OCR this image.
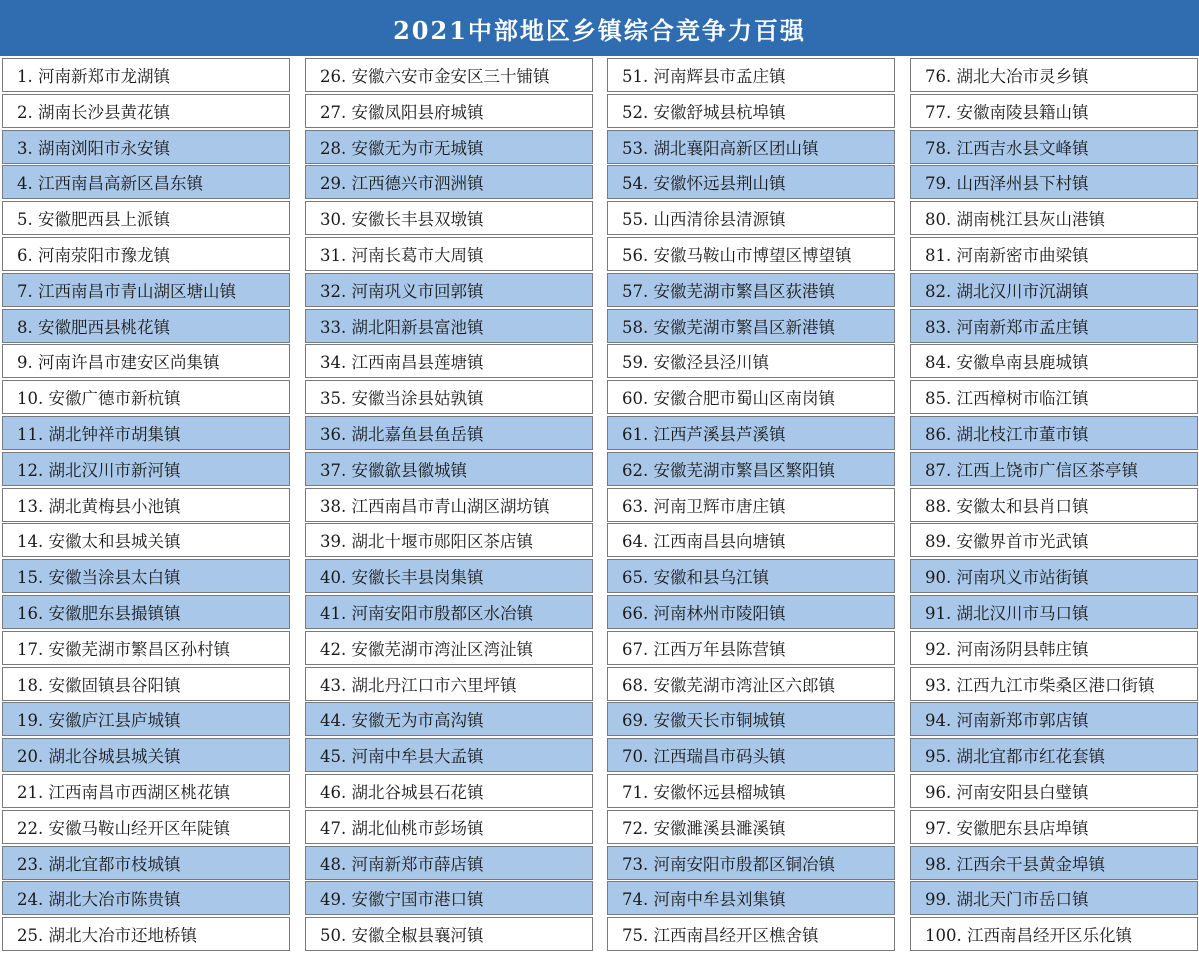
2021中部地区乡镇综合竞争力百强
1. 河南新郑市龙湖镇
2. 湖南长沙县黄花镇
3. 湖南浏阳市永安镇
4. 江西南昌高新区昌东镇
5. 安徽肥西县上派镇
6. 河南荥阳市豫龙镇
7. 江西南昌市青山湖区塘山镇
8. 安徽肥西县桃花镇
9. 河南许昌市建安区尚集镇
10. 安徽广德市新杭镇
11. 湖北钟祥市胡集镇
12. 湖北汉川市新河镇
13. 湖北黄梅县小池镇
14. 安徽太和县城关镇
15. 安徽当涂县太白镇
16. 安徽肥东县撮镇镇
17. 安徽芜湖市繁昌区孙村镇
18. 安徽固镇县谷阳镇
19. 安徽庐江县庐城镇
20. 湖北谷城县城关镇
21. 江西南昌市西湖区桃花镇
22. 安徽马鞍山经开区年陡镇
23. 湖北宜都市枝城镇
24. 湖北大冶市陈贵镇
25. 湖北大冶市还地桥镇
26. 安徽六安市金安区三十铺镇
27. 安徽凤阳县府城镇
28. 安徽无为市无城镇
29. 江西德兴市泗洲镇
30. 安徽长丰县双墩镇
31. 河南长葛市大周镇
32. 河南巩义市回郭镇
33. 湖北阳新县富池镇
34. 江西南昌县莲塘镇
35. 安徽当涂县姑孰镇
36. 湖北嘉鱼县鱼岳镇
37. 安徽歙县徽城镇
38. 江西南昌市青山湖区湖坊镇
39. 湖北十堰市郧阳区茶店镇
40. 安徽长丰县岗集镇
41. 河南安阳市殷都区水冶镇
42. 安徽芜湖市湾沚区湾沚镇
43. 湖北丹江口市六里坪镇
44. 安徽无为市高沟镇
45. 河南中牟县大孟镇
46. 湖北谷城县石花镇
47. 湖北仙桃市彭场镇
48. 河南新郑市薛店镇
49. 安徽宁国市港口镇
50. 安徽全椒县襄河镇
51. 河南辉县市孟庄镇
52. 安徽舒城县杭埠镇
53. 湖北襄阳高新区团山镇
54. 安徽怀远县荆山镇
55. 山西清徐县清源镇
56. 安徽马鞍山市博望区博望镇
57. 安徽芜湖市繁昌区荻港镇
58. 安徽芜湖市繁昌区新港镇
59. 安徽泾县泾川镇
60. 安徽合肥市蜀山区南岗镇
61. 江西芦溪县芦溪镇
62. 安徽芜湖市繁昌区繁阳镇
63. 河南卫辉市唐庄镇
64. 江西南昌县向塘镇
65. 安徽和县乌江镇
66. 河南林州市陵阳镇
67. 江西万年县陈营镇
68. 安徽芜湖市湾沚区六郎镇
69. 安徽天长市铜城镇
70. 江西瑞昌市码头镇
71. 安徽怀远县榴城镇
72. 安徽濉溪县濉溪镇
73. 河南安阳市殷都区铜冶镇
74. 河南中牟县刘集镇
75. 江西南昌经开区樵舍镇
76. 湖北大冶市灵乡镇
77. 安徽南陵县籍山镇
78. 江西吉水县文峰镇
79. 山西泽州县下村镇
80. 湖南桃江县灰山港镇
81. 河南新密市曲梁镇
82. 湖北汉川市沉湖镇
83. 河南新郑市孟庄镇
84. 安徽阜南县鹿城镇
85. 江西樟树市临江镇
86. 湖北枝江市董市镇
87. 江西上饶市广信区茶亭镇
88. 安徽太和县肖口镇
89. 安徽界首市光武镇
90. 河南巩义市站街镇
91. 湖北汉川市马口镇
92. 河南汤阴县韩庄镇
93. 江西九江市柴桑区港口街镇
94. 河南新郑市郭店镇
95. 湖北宜都市红花套镇
96. 河南安阳县白璧镇
97. 安徽肥东县店埠镇
98. 江西余干县黄金埠镇
99. 湖北天门市岳口镇
100. 江西南昌经开区乐化镇
